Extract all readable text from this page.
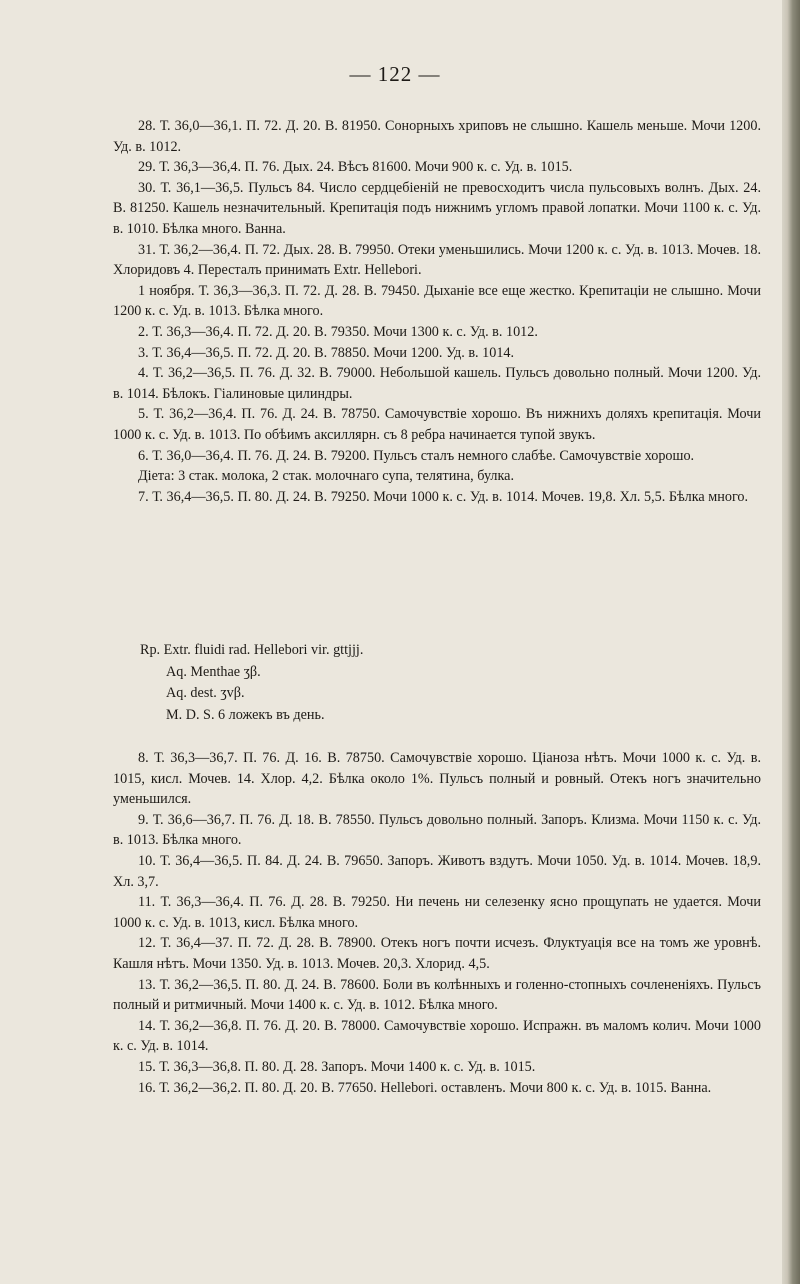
— 122 —

28. Т. 36,0—36,1. П. 72. Д. 20. В. 81950. Сонорныхъ хриповъ не слышно. Кашель меньше. Мочи 1200. Уд. в. 1012.

29. Т. 36,3—36,4. П. 76. Дых. 24. Вѣсъ 81600. Мочи 900 к. с. Уд. в. 1015.

30. Т. 36,1—36,5. Пульсъ 84. Число сердцебіеній не превосходитъ числа пульсовыхъ волнъ. Дых. 24. В. 81250. Кашель незначительный. Крепитація подъ нижнимъ угломъ правой лопатки. Мочи 1100 к. с. Уд. в. 1010. Бѣлка много. Ванна.

31. Т. 36,2—36,4. П. 72. Дых. 28. В. 79950. Отеки уменьшились. Мочи 1200 к. с. Уд. в. 1013. Мочев. 18. Хлоридовъ 4. Пересталъ принимать Extr. Helleborі.

1 ноября. Т. 36,3—36,3. П. 72. Д. 28. В. 79450. Дыханіе все еще жестко. Крепитаціи не слышно. Мочи 1200 к. с. Уд. в. 1013. Бѣлка много.

2. Т. 36,3—36,4. П. 72. Д. 20. В. 79350. Мочи 1300 к. с. Уд. в. 1012.

3. Т. 36,4—36,5. П. 72. Д. 20. В. 78850. Мочи 1200. Уд. в. 1014.

4. Т. 36,2—36,5. П. 76. Д. 32. В. 79000. Небольшой кашель. Пульсъ довольно полный. Мочи 1200. Уд. в. 1014. Бѣлокъ. Гіалиновые цилиндры.

5. Т. 36,2—36,4. П. 76. Д. 24. В. 78750. Самочувствіе хорошо. Въ нижнихъ доляхъ крепитація. Мочи 1000 к. с. Уд. в. 1013. По обѣимъ аксиллярн. съ 8 ребра начинается тупой звукъ.

6. Т. 36,0—36,4. П. 76. Д. 24. В. 79200. Пульсъ сталъ немного слабѣе. Самочувствіе хорошо.

Діета: 3 стак. молока, 2 стак. молочнаго супа, телятина, булка.

7. Т. 36,4—36,5. П. 80. Д. 24. В. 79250. Мочи 1000 к. с. Уд. в. 1014. Мочев. 19,8. Хл. 5,5. Бѣлка много.

Rp. Extr. fluidi rad. Hellebori vir. gttjjj.
Aq. Menthae ʒβ.
Aq. dest. ʒvβ.
M. D. S. 6 ложекъ въ день.

8. Т. 36,3—36,7. П. 76. Д. 16. В. 78750. Самочувствіе хорошо. Ціаноза нѣтъ. Мочи 1000 к. с. Уд. в. 1015, кисл. Мочев. 14. Хлор. 4,2. Бѣлка около 1%. Пульсъ полный и ровный. Отекъ ногъ значительно уменьшился.

9. Т. 36,6—36,7. П. 76. Д. 18. В. 78550. Пульсъ довольно полный. Запоръ. Клизма. Мочи 1150 к. с. Уд. в. 1013. Бѣлка много.

10. Т. 36,4—36,5. П. 84. Д. 24. В. 79650. Запоръ. Животъ вздутъ. Мочи 1050. Уд. в. 1014. Мочев. 18,9. Хл. 3,7.

11. Т. 36,3—36,4. П. 76. Д. 28. В. 79250. Ни печень ни селезенку ясно прощупать не удается. Мочи 1000 к. с. Уд. в. 1013, кисл. Бѣлка много.

12. Т. 36,4—37. П. 72. Д. 28. В. 78900. Отекъ ногъ почти исчезъ. Флуктуація все на томъ же уровнѣ. Кашля нѣтъ. Мочи 1350. Уд. в. 1013. Мочев. 20,3. Хлорид. 4,5.

13. Т. 36,2—36,5. П. 80. Д. 24. В. 78600. Боли въ колѣнныхъ и голенно-стопныхъ сочлененіяхъ. Пульсъ полный и ритмичный. Мочи 1400 к. с. Уд. в. 1012. Бѣлка много.

14. Т. 36,2—36,8. П. 76. Д. 20. В. 78000. Самочувствіе хорошо. Испражн. въ маломъ колич. Мочи 1000 к. с. Уд. в. 1014.

15. Т. 36,3—36,8. П. 80. Д. 28. Запоръ. Мочи 1400 к. с. Уд. в. 1015.

16. Т. 36,2—36,2. П. 80. Д. 20. В. 77650. Helleborі. оставленъ. Мочи 800 к. с. Уд. в. 1015. Ванна.
